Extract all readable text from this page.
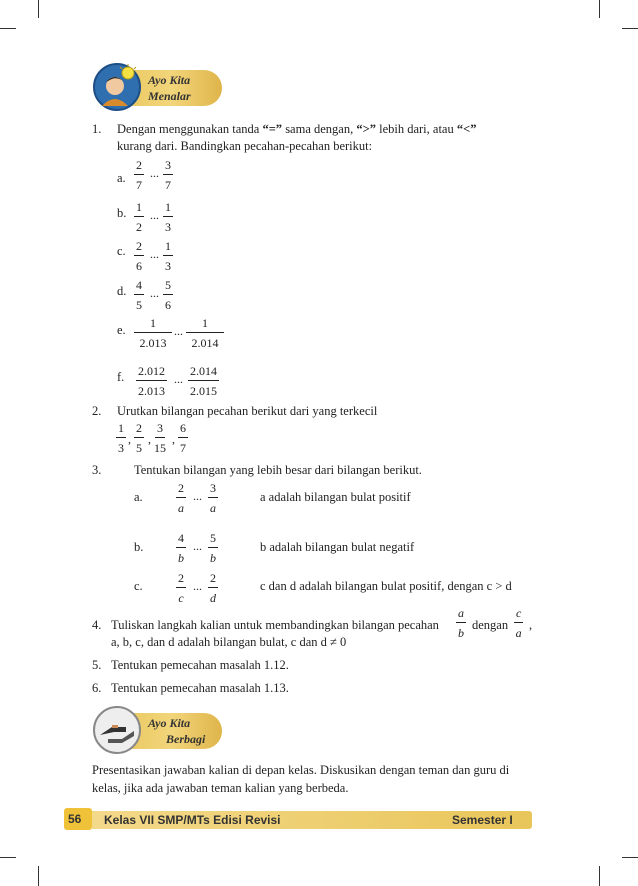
Ayo Kita
Menalar
1. Dengan menggunakan tanda “=” sama dengan, “>” lebih dari, atau “<”
kurang dari. Bandingkan pecahan-pecahan berikut:
a. $\frac{2}{7}$ ... $\frac{3}{7}$
b. $\frac{1}{2}$ ... $\frac{1}{3}$
c. $\frac{2}{6}$ ... $\frac{1}{3}$
d. $\frac{4}{5}$ ... $\frac{5}{6}$
e. $\frac{1}{2.013}$ ... $\frac{1}{2.014}$
f. $\frac{2.012}{2.013}$ ... $\frac{2.014}{2.015}$
2. Urutkan bilangan pecahan berikut dari yang terkecil
$\frac{1}{3}$ , $\frac{2}{5}$ , $\frac{3}{15}$ , $\frac{6}{7}$
3.	Tentukan bilangan yang lebih besar dari bilangan berikut.
a.	$\frac{2}{a}$ ... $\frac{3}{a}$	a adalah bilangan bulat positif
b.	$\frac{4}{b}$ ... $\frac{5}{b}$	b adalah bilangan bulat negatif
c.	$\frac{2}{c}$ ... $\frac{2}{d}$	c dan d adalah bilangan bulat positif, dengan c > d
4. Tuliskan langkah kalian untuk membandingkan bilangan pecahan $\frac{a}{b}$ dengan $\frac{c}{a}$ ,
a, b, c, dan d adalah bilangan bulat, c dan d ≠ 0
5. Tentukan pemecahan masalah 1.12.
6. Tentukan pemecahan masalah 1.13.
Ayo Kita
Berbagi
Presentasikan jawaban kalian di depan kelas. Diskusikan dengan teman dan guru di
kelas, jika ada jawaban teman kalian yang berbeda.
56 Kelas VII SMP/MTs Edisi Revisi	Semester I
